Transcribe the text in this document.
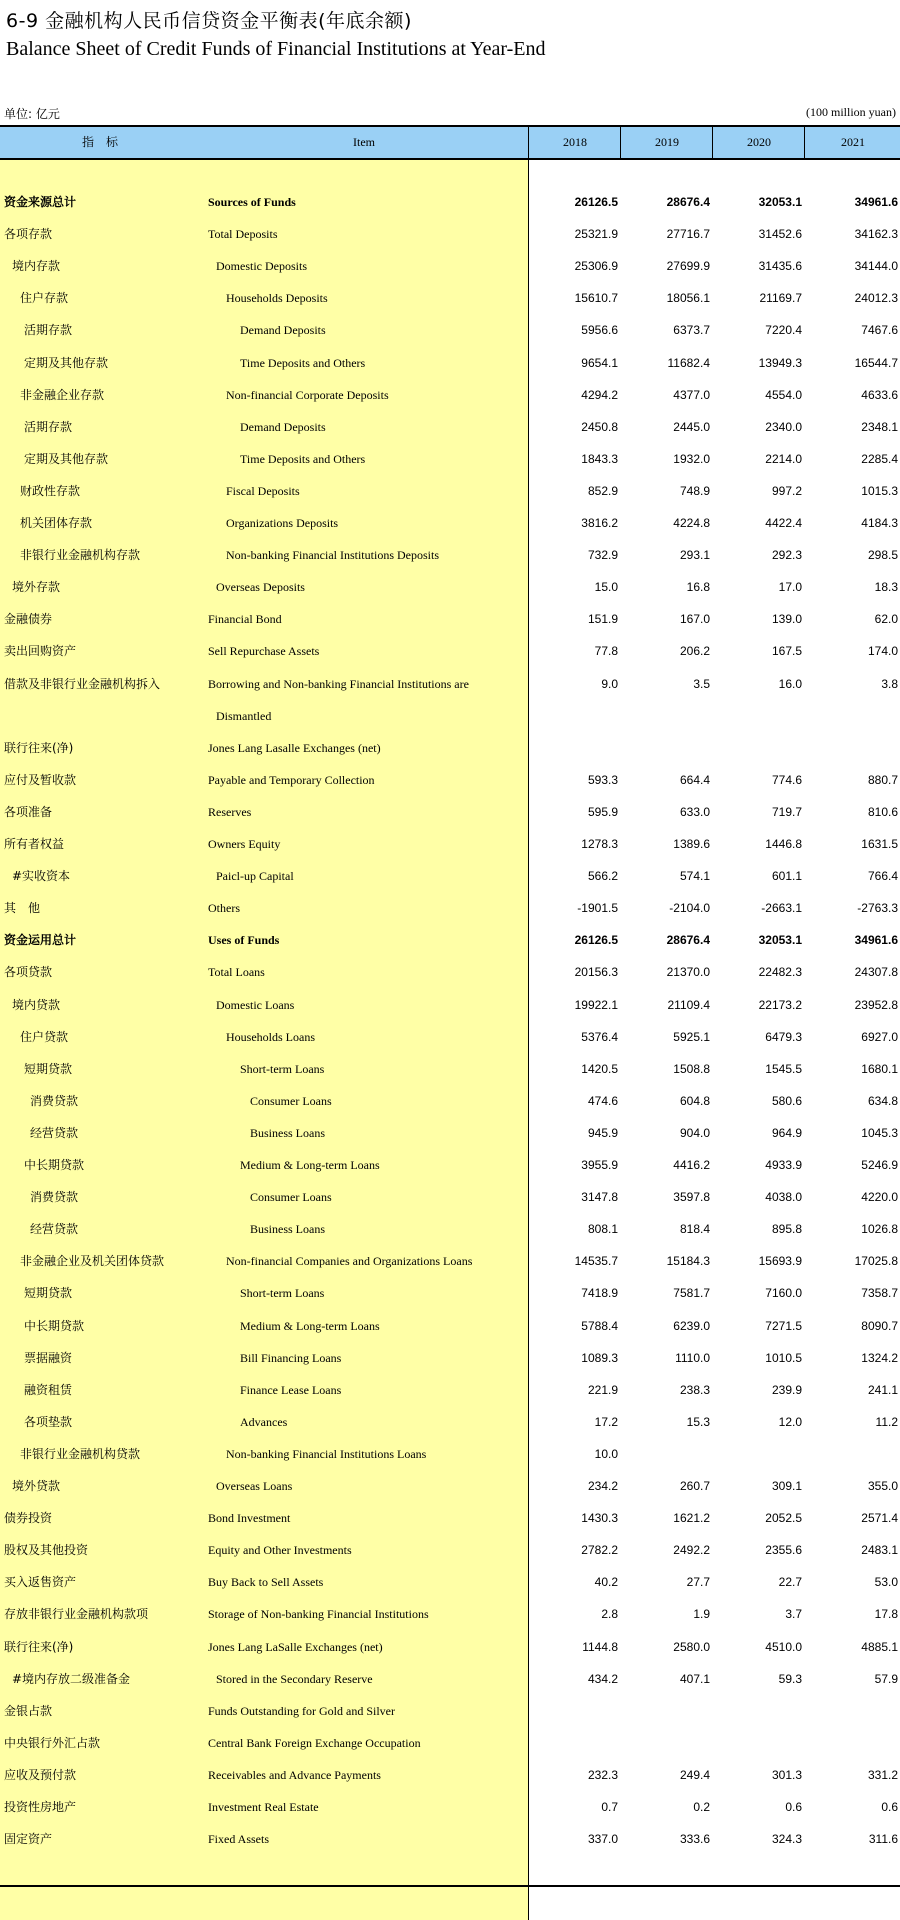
6-9 金融机构人民币信贷资金平衡表(年底余额)
Balance Sheet of Credit Funds of Financial Institutions at Year-End
单位: 亿元	(100 million yuan)
指　标	Item	2018	2019	2020	2021
资金来源总计	Sources of Funds	26126.5	28676.4	32053.1	34961.6
各项存款	Total Deposits	25321.9	27716.7	31452.6	34162.3
境内存款	Domestic Deposits	25306.9	27699.9	31435.6	34144.0
住户存款	Households Deposits	15610.7	18056.1	21169.7	24012.3
活期存款	Demand Deposits	5956.6	6373.7	7220.4	7467.6
定期及其他存款	Time Deposits and Others	9654.1	11682.4	13949.3	16544.7
非金融企业存款	Non-financial Corporate Deposits	4294.2	4377.0	4554.0	4633.6
活期存款	Demand Deposits	2450.8	2445.0	2340.0	2348.1
定期及其他存款	Time Deposits and Others	1843.3	1932.0	2214.0	2285.4
财政性存款	Fiscal Deposits	852.9	748.9	997.2	1015.3
机关团体存款	Organizations Deposits	3816.2	4224.8	4422.4	4184.3
非银行业金融机构存款	Non-banking Financial Institutions Deposits	732.9	293.1	292.3	298.5
境外存款	Overseas Deposits	15.0	16.8	17.0	18.3
金融债券	Financial Bond	151.9	167.0	139.0	62.0
卖出回购资产	Sell Repurchase Assets	77.8	206.2	167.5	174.0
借款及非银行业金融机构拆入	Borrowing and Non-banking Financial Institutions are	9.0	3.5	16.0	3.8
Dismantled
联行往来(净)	Jones Lang Lasalle Exchanges (net)
应付及暂收款	Payable and Temporary Collection	593.3	664.4	774.6	880.7
各项准备	Reserves	595.9	633.0	719.7	810.6
所有者权益	Owners Equity	1278.3	1389.6	1446.8	1631.5
#实收资本	Paicl-up Capital	566.2	574.1	601.1	766.4
其　他	Others	-1901.5	-2104.0	-2663.1	-2763.3
资金运用总计	Uses of Funds	26126.5	28676.4	32053.1	34961.6
各项贷款	Total Loans	20156.3	21370.0	22482.3	24307.8
境内贷款	Domestic Loans	19922.1	21109.4	22173.2	23952.8
住户贷款	Households Loans	5376.4	5925.1	6479.3	6927.0
短期贷款	Short-term Loans	1420.5	1508.8	1545.5	1680.1
消费贷款	Consumer Loans	474.6	604.8	580.6	634.8
经营贷款	Business Loans	945.9	904.0	964.9	1045.3
中长期贷款	Medium & Long-term Loans	3955.9	4416.2	4933.9	5246.9
消费贷款	Consumer Loans	3147.8	3597.8	4038.0	4220.0
经营贷款	Business Loans	808.1	818.4	895.8	1026.8
非金融企业及机关团体贷款	Non-financial Companies and Organizations Loans	14535.7	15184.3	15693.9	17025.8
短期贷款	Short-term Loans	7418.9	7581.7	7160.0	7358.7
中长期贷款	Medium & Long-term Loans	5788.4	6239.0	7271.5	8090.7
票据融资	Bill Financing Loans	1089.3	1110.0	1010.5	1324.2
融资租赁	Finance Lease Loans	221.9	238.3	239.9	241.1
各项垫款	Advances	17.2	15.3	12.0	11.2
非银行业金融机构贷款	Non-banking Financial Institutions Loans	10.0
境外贷款	Overseas Loans	234.2	260.7	309.1	355.0
债券投资	Bond Investment	1430.3	1621.2	2052.5	2571.4
股权及其他投资	Equity and Other Investments	2782.2	2492.2	2355.6	2483.1
买入返售资产	Buy Back to Sell Assets	40.2	27.7	22.7	53.0
存放非银行业金融机构款项	Storage of Non-banking Financial Institutions	2.8	1.9	3.7	17.8
联行往来(净)	Jones Lang LaSalle Exchanges (net)	1144.8	2580.0	4510.0	4885.1
#境内存放二级准备金	Stored in the Secondary Reserve	434.2	407.1	59.3	57.9
金银占款	Funds Outstanding for Gold and Silver
中央银行外汇占款	Central Bank Foreign Exchange Occupation
应收及预付款	Receivables and Advance Payments	232.3	249.4	301.3	331.2
投资性房地产	Investment Real Estate	0.7	0.2	0.6	0.6
固定资产	Fixed Assets	337.0	333.6	324.3	311.6
